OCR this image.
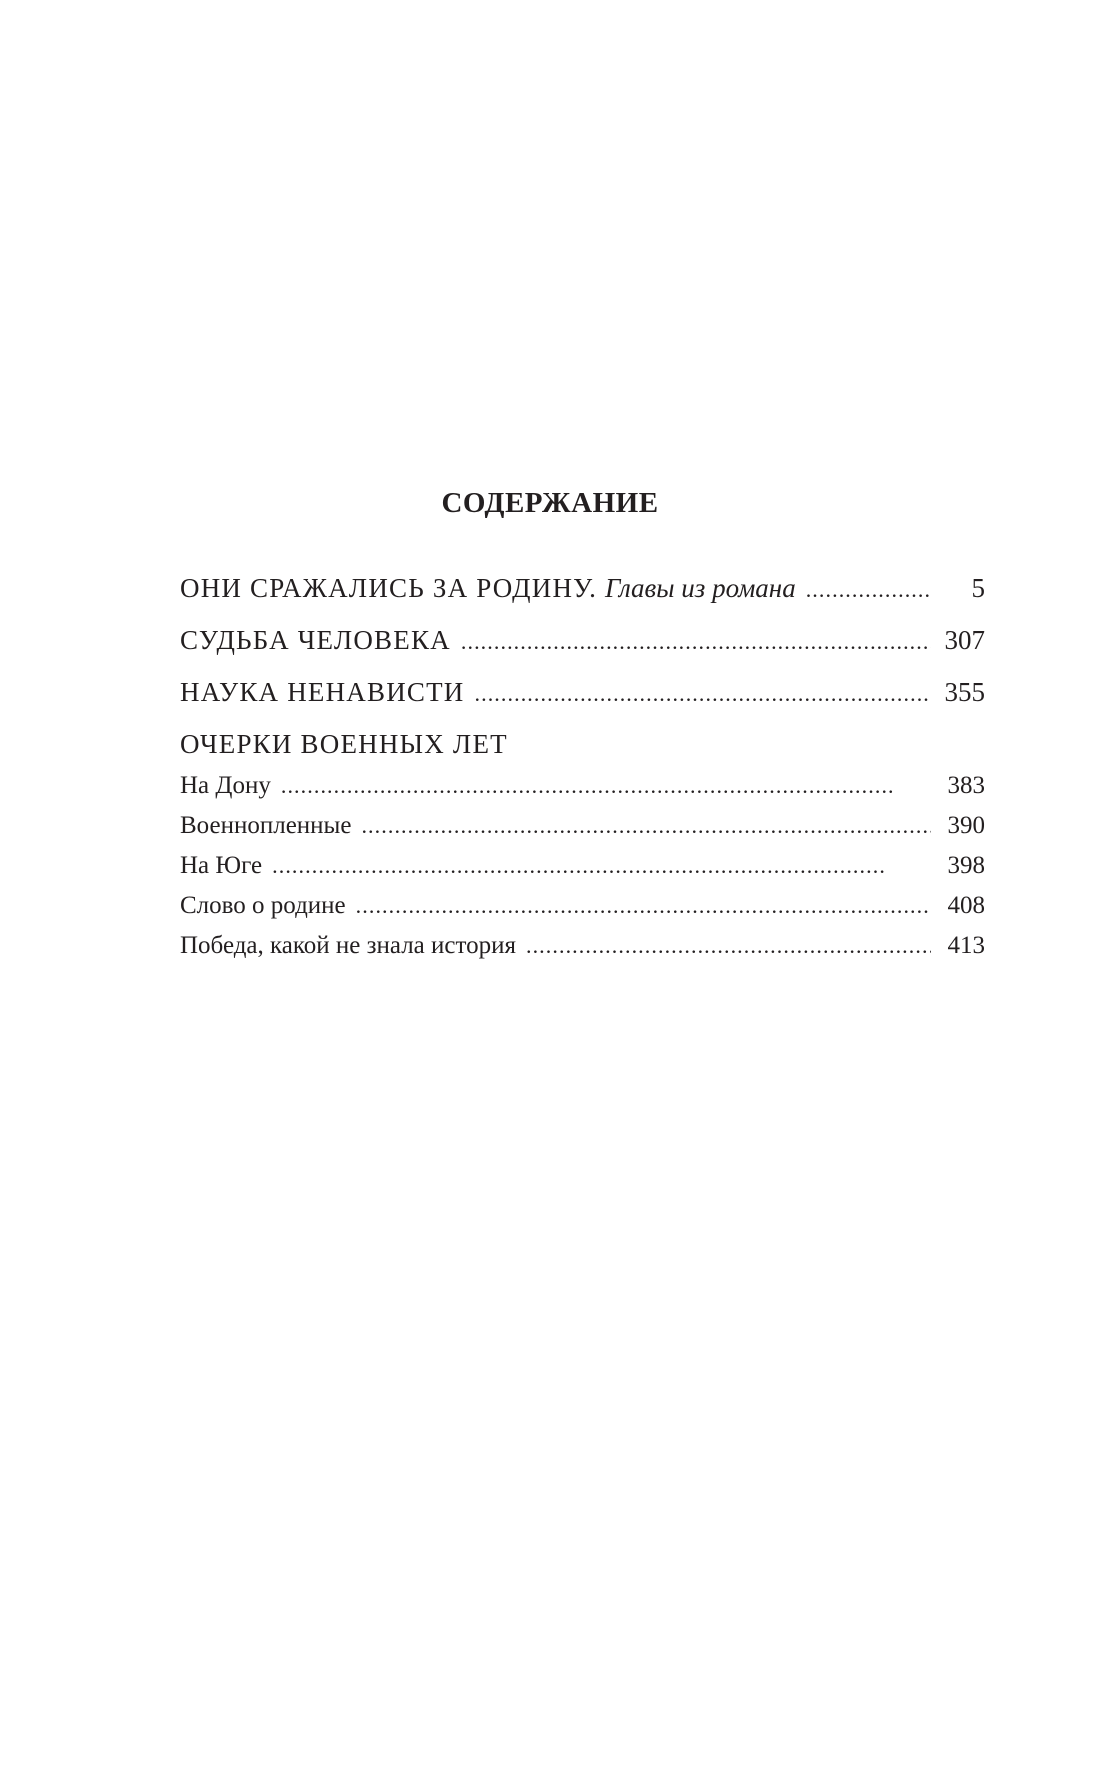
СОДЕРЖАНИЕ
ОНИ СРАЖАЛИСЬ ЗА РОДИНУ. Главы из романа . . .	5
СУДЬБА ЧЕЛОВЕКА . . .	307
НАУКА НЕНАВИСТИ . . .	355
ОЧЕРКИ ВОЕННЫХ ЛЕТ
На Дону . . .	383
Военнопленные . . .	390
На Юге . . .	398
Слово о родине . . .	408
Победа, какой не знала история . . .	413
